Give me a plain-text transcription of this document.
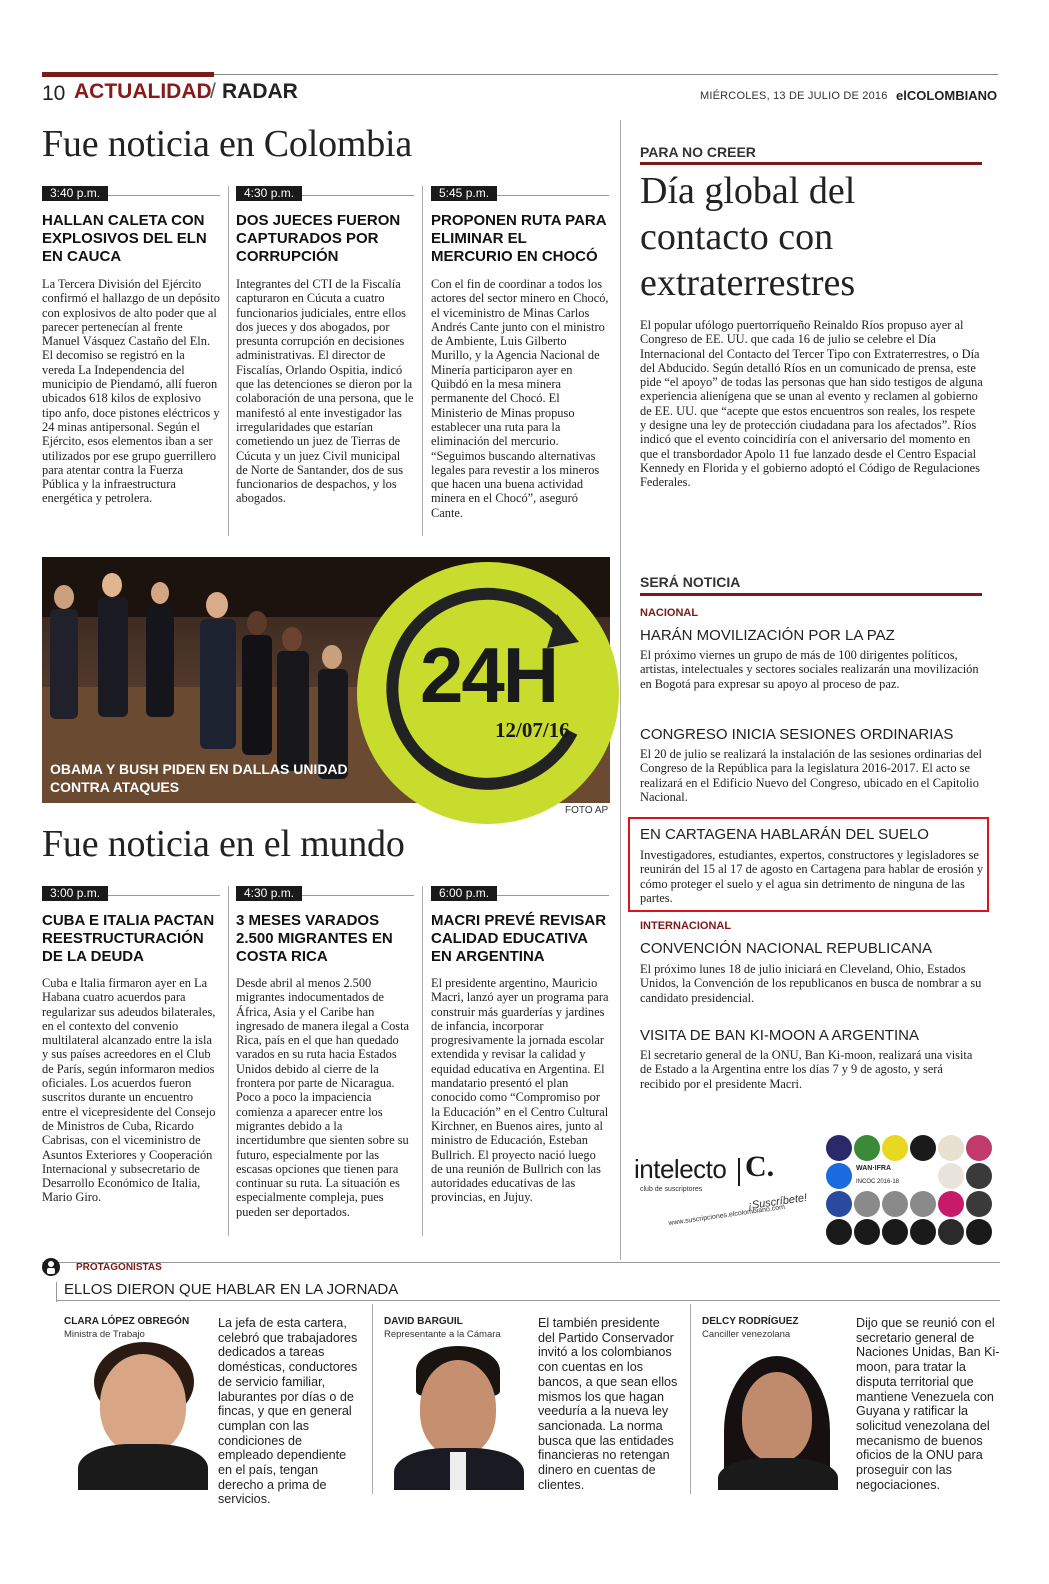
10 ACTUALIDAD
/ RADAR	MIÉRCOLES, 13 DE JULIO DE 2016 elCOLOMBIANO
Fue noticia en Colombia
3:40 p.m.
HALLAN CALETA CON EXPLOSIVOS DEL ELN EN CAUCA
La Tercera División del Ejército confirmó el hallazgo de un depósito con explosivos de alto poder que al parecer pertenecían al frente Manuel Vásquez Castaño del Eln. El decomiso se registró en la vereda La Independencia del municipio de Piendamó, allí fueron ubicados 618 kilos de explosivo tipo anfo, doce pistones eléctricos y 24 minas antipersonal. Según el Ejército, esos elementos iban a ser utilizados por ese grupo guerrillero para atentar contra la Fuerza Pública y la infraestructura energética y petrolera.
4:30 p.m.
DOS JUECES FUERON CAPTURADOS POR CORRUPCIÓN
Integrantes del CTI de la Fiscalía capturaron en Cúcuta a cuatro funcionarios judiciales, entre ellos dos jueces y dos abogados, por presunta corrupción en decisiones administrativas. El director de Fiscalías, Orlando Ospitia, indicó que las detenciones se dieron por la colaboración de una persona, que le manifestó al ente investigador las irregularidades que estarían cometiendo un juez de Tierras de Cúcuta y un juez Civil municipal de Norte de Santander, dos de sus funcionarios de despachos, y los abogados.
5:45 p.m.
PROPONEN RUTA PARA ELIMINAR EL MERCURIO EN CHOCÓ
Con el fin de coordinar a todos los actores del sector minero en Chocó, el viceministro de Minas Carlos Andrés Cante junto con el ministro de Ambiente, Luis Gilberto Murillo, y la Agencia Nacional de Minería participaron ayer en Quibdó en la mesa minera permanente del Chocó. El Ministerio de Minas propuso establecer una ruta para la eliminación del mercurio. “Seguimos buscando alternativas legales para revestir a los mineros que hacen una buena actividad minera en el Chocó”, aseguró Cante.
24H
12/07/16
OBAMA Y BUSH PIDEN EN DALLAS UNIDAD CONTRA ATAQUES
FOTO AP
Fue noticia en el mundo
3:00 p.m.
CUBA E ITALIA PACTAN REESTRUCTURACIÓN DE LA DEUDA
Cuba e Italia firmaron ayer en La Habana cuatro acuerdos para regularizar sus adeudos bilaterales, en el contexto del convenio multilateral alcanzado entre la isla y sus países acreedores en el Club de París, según informaron medios oficiales. Los acuerdos fueron suscritos durante un encuentro entre el vicepresidente del Consejo de Ministros de Cuba, Ricardo Cabrisas, con el viceministro de Asuntos Exteriores y Cooperación Internacional y subsecretario de Desarrollo Económico de Italia, Mario Giro.
4:30 p.m.
3 MESES VARADOS 2.500 MIGRANTES EN COSTA RICA
Desde abril al menos 2.500 migrantes indocumentados de África, Asia y el Caribe han ingresado de manera ilegal a Costa Rica, país en el que han quedado varados en su ruta hacia Estados Unidos debido al cierre de la frontera por parte de Nicaragua. Poco a poco la impaciencia comienza a aparecer entre los migrantes debido a la incertidumbre que sienten sobre su futuro, especialmente por las escasas opciones que tienen para continuar su ruta. La situación es especialmente compleja, pues pueden ser deportados.
6:00 p.m.
MACRI PREVÉ REVISAR CALIDAD EDUCATIVA EN ARGENTINA
El presidente argentino, Mauricio Macri, lanzó ayer un programa para construir más guarderías y jardines de infancia, incorporar progresivamente la jornada escolar extendida y revisar la calidad y equidad educativa en Argentina. El mandatario presentó el plan conocido como “Compromiso por la Educación” en el Centro Cultural Kirchner, en Buenos aires, junto al ministro de Educación, Esteban Bullrich. El proyecto nació luego de una reunión de Bullrich con las autoridades educativas de las provincias, en Jujuy.
PARA NO CREER
Día global del contacto con extraterrestres
El popular ufólogo puertorriqueño Reinaldo Ríos propuso ayer al Congreso de EE. UU. que cada 16 de julio se celebre el Día Internacional del Contacto del Tercer Tipo con Extraterrestres, o Día del Abducido. Según detalló Ríos en un comunicado de prensa, este pide “el apoyo” de todas las personas que han sido testigos de alguna experiencia alienígena que se unan al evento y reclamen al gobierno de EE. UU. que “acepte que estos encuentros son reales, los respete y designe una ley de protección ciudadana para los afectados”. Ríos indicó que el evento coincidiría con el aniversario del momento en que el transbordador Apolo 11 fue lanzado desde el Centro Espacial Kennedy en Florida y el gobierno adoptó el Código de Regulaciones Federales.
SERÁ NOTICIA
NACIONAL
HARÁN MOVILIZACIÓN POR LA PAZ
El próximo viernes un grupo de más de 100 dirigentes políticos, artistas, intelectuales y sectores sociales realizarán una movilización en Bogotá para expresar su apoyo al proceso de paz.
CONGRESO INICIA SESIONES ORDINARIAS
El 20 de julio se realizará la instalación de las sesiones ordinarias del Congreso de la República para la legislatura 2016-2017. El acto se realizará en el Edificio Nuevo del Congreso, ubicado en el Capitolio Nacional.
EN CARTAGENA HABLARÁN DEL SUELO
Investigadores, estudiantes, expertos, constructores y legisladores se reunirán del 15 al 17 de agosto en Cartagena para hablar de erosión y cómo proteger el suelo y el agua sin detrimento de ninguna de las partes.
INTERNACIONAL
CONVENCIÓN NACIONAL REPUBLICANA
El próximo lunes 18 de julio iniciará en Cleveland, Ohio, Estados Unidos, la Convención de los republicanos en busca de nombrar a su candidato presidencial.
VISITA DE BAN KI-MOON A ARGENTINA
El secretario general de la ONU, Ban Ki-moon, realizará una visita de Estado a la Argentina entre los días 7 y 9 de agosto, y será recibido por el presidente Macri.
intelecto C.
club de suscriptores
¡Suscríbete!
www.suscripciones.elcolombiano.com
WAN·IFRA
INCOC 2016-18
PROTAGONISTAS
ELLOS DIERON QUE HABLAR EN LA JORNADA
CLARA LÓPEZ OBREGÓN
Ministra de Trabajo
La jefa de esta cartera, celebró que trabajadores dedicados a tareas domésticas, conductores de servicio familiar, laburantes por días o de fincas, y que en general cumplan con las condiciones de empleado dependiente en el país, tengan derecho a prima de servicios.
DAVID BARGUIL
Representante a la Cámara
El también presidente del Partido Conservador invitó a los colombianos con cuentas en los bancos, a que sean ellos mismos los que hagan veeduría a la nueva ley sancionada. La norma busca que las entidades financieras no retengan dinero en cuentas de clientes.
DELCY RODRÍGUEZ
Canciller venezolana
Dijo que se reunió con el secretario general de Naciones Unidas, Ban Ki-moon, para tratar la disputa territorial que mantiene Venezuela con Guyana y ratificar la solicitud venezolana del mecanismo de buenos oficios de la ONU para proseguir con las negociaciones.
